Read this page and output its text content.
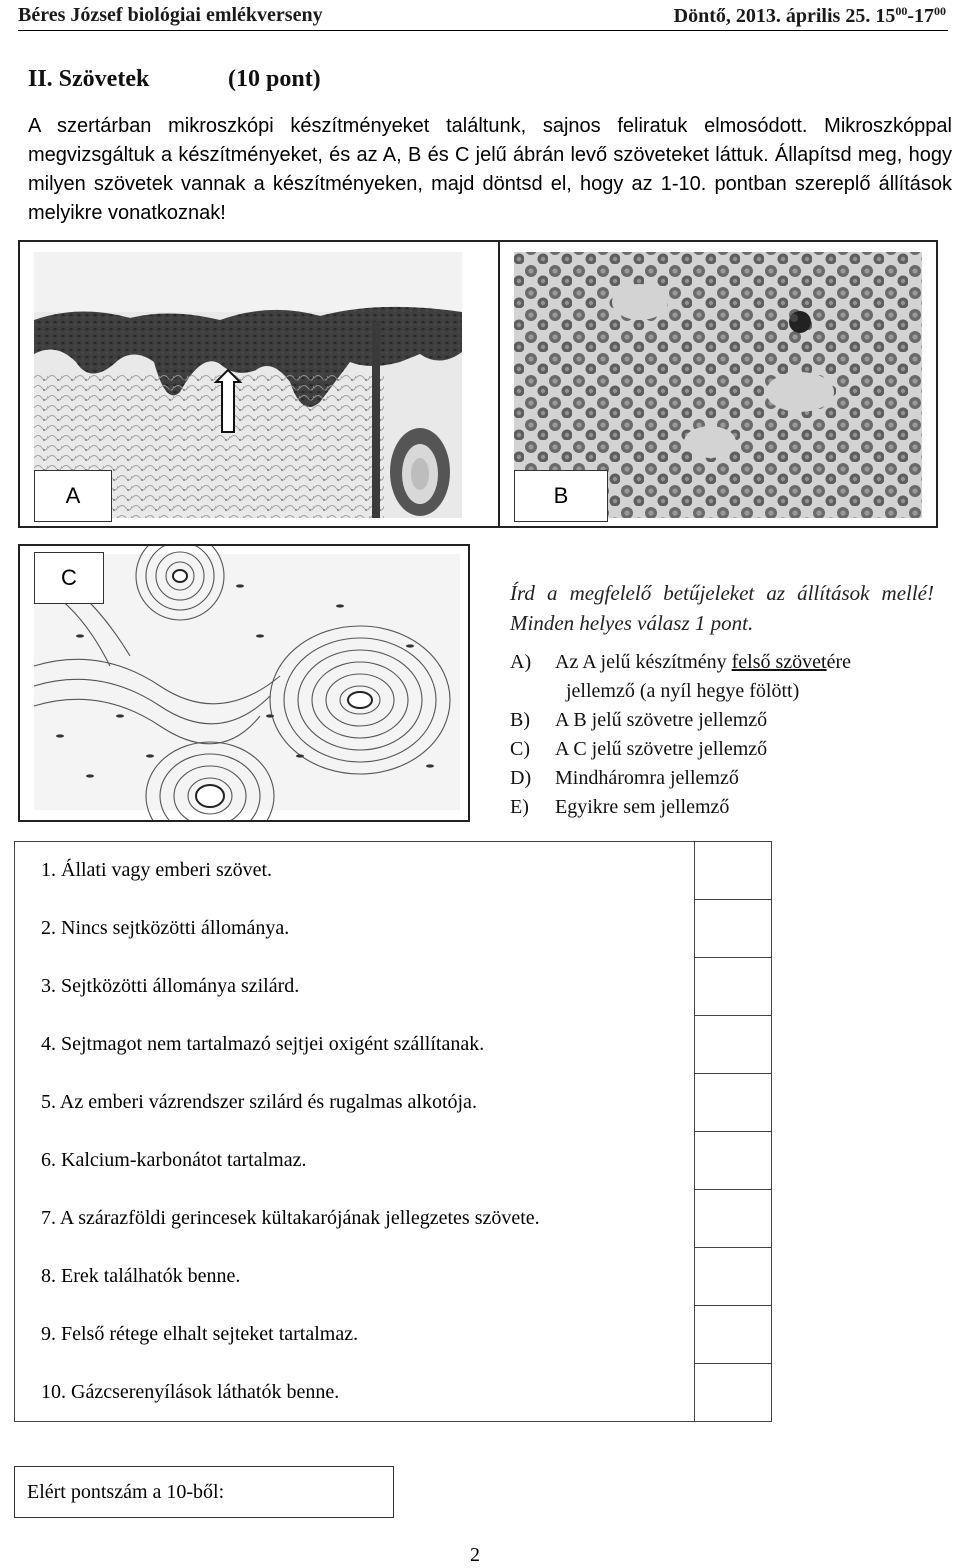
Béres József biológiai emlékverseny	Döntő, 2013. április 25. $15^{00}-17^{00}$
II. Szövetek	(10 pont)
A szertárban mikroszkópi készítményeket találtunk, sajnos feliratuk elmosódott. Mikroszkóppal megvizsgáltuk a készítményeket, és az A, B és C jelű ábrán levő szöveteket láttuk. Állapítsd meg, hogy milyen szövetek vannak a készítményeken, majd döntsd el, hogy az 1-10. pontban szereplő állítások melyikre vonatkoznak!
A	B
C
Írd a megfelelő betűjeleket az állítások mellé! Minden helyes válasz 1 pont.
A) Az A jelű készítmény felső szövetére
jellemző (a nyíl hegye fölött)
B) A B jelű szövetre jellemző
C) A C jelű szövetre jellemző
D) Mindháromra jellemző
E) Egyikre sem jellemző
1. Állati vagy emberi szövet.	
2. Nincs sejtközötti állománya.	
3. Sejtközötti állománya szilárd.	
4. Sejtmagot nem tartalmazó sejtjei oxigént szállítanak.	
5. Az emberi vázrendszer szilárd és rugalmas alkotója.	
6. Kalcium-karbonátot tartalmaz.	
7. A szárazföldi gerincesek kültakarójának jellegzetes szövete.	
8. Erek találhatók benne.	
9. Felső rétege elhalt sejteket tartalmaz.	
10. Gázcserenyílások láthatók benne.	
Elért pontszám a 10-ből:
2
